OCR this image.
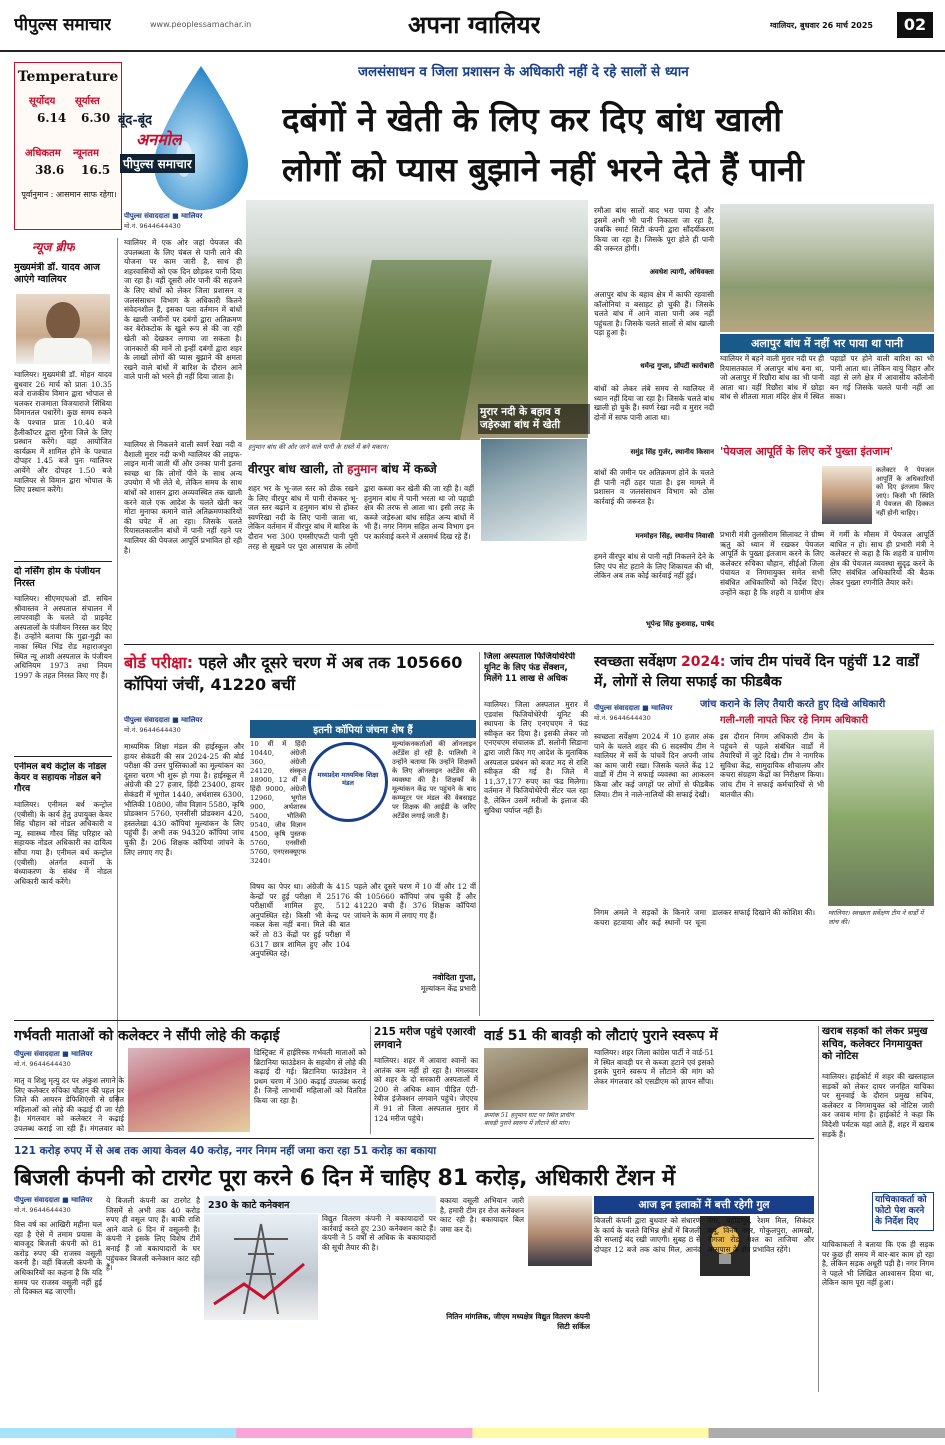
पीपुल्स समाचार	www.peoplessamachar.in	अपना ग्वालियर	ग्वालियर, बुधवार 26 मार्च 2025	02
Temperature
सूर्योदय सूर्यास्त
6.14 6.30
अधिकतम न्यूनतम
38.6 16.5
पूर्वानुमान : आसमान साफ रहेगा।
बूंद-बूंद
अनमोल
पीपुल्स समाचार
जलसंसाधन व जिला प्रशासन के अधिकारी नहीं दे रहे सालों से ध्यान
दबंगों ने खेती के लिए कर दिए बांध खाली
लोगों को प्यास बुझाने नहीं भरने देते हैं पानी
न्यूज ब्रीफ
मुख्यमंत्री डॉ. यादव आज आएंगे ग्वालियर
ग्वालियर। मुख्यमंत्री डॉ. मोहन यादव बुधवार 26 मार्च को प्रातः 10.35 बजे राजकीय विमान द्वारा भोपाल से चलकर राजमाता विजयाराजे सिंधिया विमानतल पधारेंगे। कुछ समय रुकने के पश्चात प्रातः 10.40 बजे हैलीकॉप्टर द्वारा मुरैना जिले के लिए प्रस्थान करेंगे। वहां आयोजित कार्यक्रम में शामिल होने के पश्चात दोपहर 1.45 बजे पुनः ग्वालियर आयेंगे और दोपहर 1.50 बजे ग्वालियर से विमान द्वारा भोपाल के लिए प्रस्थान करेंगे।
दो नर्सिंग होम के पंजीयन निरस्त
ग्वालियर। सीएमएचओ डॉ. सचिन श्रीवास्तव ने अस्पताल संचालन में लापरवाही के चलते दो प्राइवेट अस्पतालों के पंजीयन निरस्त कर दिए हैं। उन्होंने बताया कि गुढ़ा-गुढ़ी का नाका स्थित भिंड रोड महाराजपुरा स्थित न्यू आशी अस्पताल के पंजीयन अधिनियम 1973 तथा नियम 1997 के तहत निरस्त किए गए हैं।
एनीमल बर्थ कंट्रोल के नोडल केयर व सहायक नोडल बने गौरव
ग्वालियर। एनीमल बर्थ कन्ट्रोल (एबीसी) के कार्य हेतु उपायुक्त केयर सिंह चौहान को नोडल अधिकारी व न्यू. स्वास्थ्य गौरव सिंह परिहार को सहायक नोडल अधिकारी का दायित्व सौंपा गया है। एनीमल बर्थ कन्ट्रोल (एबीसी) अंतर्गत श्वानों के बंध्याकरण के संबंध में नोडल अधिकारी कार्य करेंगे।
हनुमान बांध की ओर जाने वाले पानी के रास्ते में बने मकान।
मुरार नदी के बहाव व जड़ेरुआ बांध में खेती
पीपुल्स संवाददाता ■ ग्वालियर
मो.नं. 9644644430
ग्वालियर में एक ओर जहां पेयजल की उपलब्धता के लिए चंबल से पानी लाने की योजना पर काम जारी है, साथ ही शहरवासियों को एक दिन छोड़कर पानी दिया जा रहा है। वहीं दूसरी ओर पानी की सहजने के लिए बांधों को लेकर जिला प्रशासन व जलसंसाधन विभाग के अधिकारी कितने संवेदनशील हैं, इसका पता वर्तमान में बांधों के खाली जमीनों पर दबंगों द्वारा अतिक्रमण कर बेरोकटोक के खुले रूप से की जा रही खेती को देखकर लगाया जा सकता है। जानकारों की मानें तो इन्हीं दबंगों द्वारा शहर के लाखों लोगों की प्यास बुझाने की क्षमता रखने वाले बांधों में बारिश के दौरान आने वाले पानी को भरने ही नहीं दिया जाता है।
ग्वालियर से निकलने वाली स्वर्ण रेखा नदी व वैशाली मुरार नदी कभी ग्वालियर की लाइफ-लाइन मानी जाती थीं और उनका पानी इतना स्वच्छ था कि लोगों पीने के साथ अन्य उपयोग में भी लेते थे, लेकिन समय के साथ बांधों को शासन द्वारा अव्यवस्थित तक खाली करने वाले एक आदेश के चलते खेती कर मोटा मुनाफा कमाने वाले अतिक्रमणकारियों की चपेट में आ रहा। जिसके चलते रियासतकालीन बांधों में पानी नहीं रहने पर ग्वालियर की पेयजल आपूर्ति प्रभावित हो रही है।
वीरपुर बांध खाली, तो हनुमान बांध में कब्जे
शहर भर के भू-जल स्तर को ठीक रखने के लिए वीरपुर बांध में पानी रोककर भू-जल स्तर बढ़ाने व हनुमान बांध से होकर स्वर्णरेखा नदी के लिए पानी जाता था, लेकिन वर्तमान में वीरपुर बांध में बारिश के दौरान भरा 300 एमसीएफटी पानी पूरी तरह से सूखने पर पूरा आसपास के लोगों द्वारा कब्जा कर खेती की जा रही है। वहीं हनुमान बांध में पानी भरता था जो पहाड़ी क्षेत्र की तरफ से आता था। इसी तरह के कब्जे जड़ेरुआ बांध सहित अन्य बांधों में भी हैं। नगर निगम सहित अन्य विभाग इन पर कार्रवाई करने में असमर्थ दिख रहे हैं।
रमौआ बांध सालों बाद भरा पाया है और इसमें अभी भी पानी निकाला जा रहा है, जबकि स्मार्ट सिटी कंपनी द्वारा सौंदर्यीकरण किया जा रहा है। जिसके पूरा होते ही पानी की जरूरत होगी।
अवधेश त्यागी, अधिवक्ता
अलापुर बांध के बहाव क्षेत्र में काफी रहवासी कॉलोनियां व बसाहट हो चुकी हैं। जिसके चलते बांध में आने वाला पानी अब नहीं पहुंचता है। जिसके चलते सालों से बांध खाली पड़ा हुआ है।
धर्मेन्द्र गुप्ता, प्रॉपर्टी कारोबारी
बांधों को लेकर लंबे समय से ग्वालियर में ध्यान नहीं दिया जा रहा है। जिसके चलते बांध खाली हो चुके हैं। स्वर्ण रेखा नदी व मुरार नदी दोनों में साफ पानी आता था।
समुंद्र सिंह गुर्जर, स्थानीय किसान
बांधों की जमीन पर अतिक्रमण होने के चलते ही पानी नहीं ठहर पाता है। इस मामले में प्रशासन व जलसंसाधन विभाग को ठोस कार्रवाई की जरूरत है।
मनमोहन सिंह, स्थानीय निवासी
हमने वीरपुर बांध से पानी नहीं निकलने देने के लिए पंप सेट हटाने के लिए शिकायत की थी, लेकिन अब तक कोई कार्रवाई नहीं हुई।
भूपेन्द्र सिंह कुशवाह, पार्षद
अलापुर बांध में नहीं भर पाया था पानी
ग्वालियर में बहने वाली मुरार नदी पर ही रियासतकाल में अलापुर बांध बना था, जो अलापुर में रिछौरा बांध का भी पानी आता था। वहीं रिछौरा बांध में छोड़ा बांध से शीतला माता मंदिर क्षेत्र में स्थित पहाड़ों पर होने वाली बारिश का भी पानी आता था। लेकिन वायु विहार और वहां से लगे क्षेत्र में आवासीय कॉलोनी बन गई जिसके चलते पानी नहीं आ सका।
'पेयजल आपूर्ति के लिए करें पुख्ता इंतजाम'
कलेक्टर ने पेयजल आपूर्ति के अधिकारियों को दिए इंतजाम किए जाएं। किसी भी स्थिति में पेयजल की दिक्कत नहीं होनी चाहिए।
प्रभारी मंत्री तुलसीराम सिलावट ने ग्रीष्म ऋतु को ध्यान में रखकर पेयजल आपूर्ति के पुख्ता इंतजाम करने के लिए कलेक्टर रुचिका चौहान, सीईओ जिला पंचायत व निगमायुक्त समेत सभी संबंधित अधिकारियों को निर्देश दिए। उन्होंने कहा है कि शहरी व ग्रामीण क्षेत्र में गर्मी के मौसम में पेयजल आपूर्ति बाधित न हो। साथ ही प्रभारी मंत्री ने कलेक्टर से कहा है कि शहरी व ग्रामीण क्षेत्र की पेयजल व्यवस्था सुदृढ़ करने के लिए संबंधित अधिकारियों की बैठक लेकर पुख्ता रणनीति तैयार करें।
बोर्ड परीक्षा: पहले और दूसरे चरण में अब तक 105660 कॉपियां जंचीं, 41220 बचीं
पीपुल्स संवाददाता ■ ग्वालियर
मो.नं. 9644644430	इतनी कॉपियां जंचना शेष हैं
माध्यमिक शिक्षा मंडल की हाईस्कूल और हायर सेकंडरी की सत्र 2024-25 की बोर्ड परीक्षा की उत्तर पुस्तिकाओं का मूल्यांकन का दूसरा चरण भी शुरू हो गया है। हाईस्कूल में अंग्रेजी की 27 हजार, हिंदी 23400, हायर सेकंडरी में भूगोल 1440, अर्थशास्त्र 6300, भौतिकी 10800, जीव विज्ञान 5580, कृषि प्रोडक्शन 5760, एनसीसी प्रोडक्शन 420, हस्तलेखा 430 कॉपियां मूल्यांकन के लिए पहुंची हैं। अभी तक 94320 कॉपियां जांच चुकी हैं। 206 शिक्षक कॉपियां जांचने के लिए लगाए गए हैं।
10 वीं में हिंदी 10440, अंग्रेजी 360, अंग्रेजी 24120, संस्कृत 18900, 12 वीं में हिंदी 9000, अंग्रेजी 12960, भूगोल 900, अर्थशास्त्र 5400, भौतिकी 9540, जीव विज्ञान 4500, कृषि पुस्तक 5760, एनसीसी 5760, एनएसक्यूएफ 3240।
मध्यप्रदेश माध्यमिक शिक्षा मंडल
मूल्यांकनकर्ताओं की ऑनलाइन अटेंडेंस हो रही है: पालिसी ने उन्होंने बताया कि उन्होंने शिक्षकों के लिए ऑनलाइन अटेंडेंस की व्यवस्था की है। शिक्षकों के मूल्यांकन केंद्र पर पहुंचने के बाद कम्प्यूटर पर मंडल की वेबसाइट पर शिक्षक की आईडी के जरिए अटेंडेंस लगाई जाती है।
विषय का पेपर था। अंग्रेजी के 415 केन्द्रों पर हुई परीक्षा में 25176 परीक्षार्थी शामिल हुए, 512 अनुपस्थित रहे। किसी भी केन्द्र पर नकल केस नहीं बना। मिले की बात करें तो 83 केंद्रों पर हुई परीक्षा में 6317 छात्र शामिल हुए और 104 अनुपस्थित रहे।
पहले और दूसरे चरण में 10 वीं और 12 वीं की 105660 कॉपियां जंच चुकी हैं और 41220 बची हैं। 376 शिक्षक कॉपियां जांचने के काम में लगाए गए हैं।
नवोदिता गुप्ता,
मूल्यांकन केंद्र प्रभारी
जिला अस्पताल फिजियोथेरेपी यूनिट के लिए फंड सेंक्शन, मिलेंगे 11 लाख से अधिक
ग्वालियर। जिला अस्पताल मुरार में एडवांस फिजियोथेरेपी यूनिट की स्थापना के लिए एनएचएम ने फंड स्वीकृत कर दिया है। इसकी लेकर जो एनएचएम संचालक डॉ. सलोनी सिडाना द्वारा जारी किए गए आदेश के मुताबिक अस्पताल प्रबंधन को बजट मद से राशि स्वीकृत की गई है। जिले में 11,37,177 रुपए का फंड मिलेगा। वर्तमान में फिजियोथेरेपी सेंटर चल रहा है, लेकिन उसमें मरीजों के इलाज की सुविधा पर्याप्त नहीं हैं।
स्वच्छता सर्वेक्षण 2024: जांच टीम पांचवें दिन पहुंचीं 12 वार्डों में, लोगों से लिया सफाई का फीडबैक
जांच कराने के लिए तैयारी करते हुए दिखे अधिकारी
गली-गली नापते फिर रहे निगम अधिकारी
पीपुल्स संवाददाता ■ ग्वालियर
मो.नं. 9644644430
स्वच्छता सर्वेक्षण 2024 में 10 हजार अंक पाने के चलते शहर की 6 सदस्यीय टीम ने ग्वालियर में सर्वे के पांचवें दिन अपनी जांच का काम जारी रखा। जिसके चलते केंद्र 12 वार्डों में टीम ने सफाई व्यवस्था का आकलन किया और कई जगहों पर लोगों से फीडबैक लिया। टीम ने नाले-नालियों की सफाई देखी।
इस दौरान निगम अधिकारी टीम के पहुंचने से पहले संबंधित वार्डों में तैयारियों में जुटे दिखे। टीम ने नागरिक सुविधा केंद्र, सामुदायिक शौचालय और कचरा संग्रहण केंद्रों का निरीक्षण किया। जांच टीम ने सफाई कर्मचारियों से भी बातचीत की।
ग्वालियर। स्वच्छता सर्वेक्षण टीम ने वार्डों में जांच की।
निगम अमले ने सड़कों के किनारे जमा कचरा हटवाया और कई स्थानों पर चूना डालकर सफाई दिखाने की कोशिश की।
गर्भवती माताओं को कलेक्टर ने सौंपी लोहे की कढ़ाई
पीपुल्स संवाददाता ■ ग्वालियर
मो.नं. 9644644430
मातृ व शिशु मृत्यु दर पर अंकुश लगाने के लिए कलेक्टर रुचिका चौहान की पहल पर जिले की आयरन डेफिशिएंसी से ग्रसित महिलाओं को लोहे की कढ़ाई दी जा रही है। मंगलवार को कलेक्टर ने कढ़ाई उपलब्ध कराई जा रही हैं। मंगलवार को
डिस्ट्रिक्ट में हाईरिस्क गर्भवती माताओं को ब्रिटानिया फाउंडेशन के सहयोग से लोहे की कढ़ाई दी गई। ब्रिटानिया फाउंडेशन ने प्रथम चरण में 300 कढ़ाई उपलब्ध कराई हैं। जिन्हें लाभार्थी महिलाओं को वितरित किया जा रहा है।
215 मरीज पहुंचे एआरवी लगवाने
ग्वालियर। शहर में आवारा श्वानों का आतंक कम नहीं हो रहा है। मंगलवार को शहर के दो सरकारी अस्पतालों में 200 से अधिक श्वान पीड़ित एंटी-रेबीज इंजेक्शन लगवाने पहुंचे। जेएएच में 91 तो जिला अस्पताल मुरार में 124 मरीज पहुंचे।
वार्ड 51 की बावड़ी को लौटाएं पुराने स्वरूप में
क्रमांक 51 हनुमान घाट पर स्थित प्राचीन बावड़ी पुराने स्वरूप में लौटाने की मांग।
ग्वालियर। शहर जिला कांग्रेस पार्टी ने वार्ड-51 में स्थित बावड़ी पर से कब्जा हटाने एवं इसको इसके पुराने स्वरूप में लौटाने की मांग को लेकर मंगलवार को एसडीएम को ज्ञापन सौंपा।
खराब सड़कों को लेकर प्रमुख सचिव, कलेक्टर निगमायुक्त को नोटिस
ग्वालियर। हाईकोर्ट में शहर की खस्ताहाल सड़कों को लेकर दायर जनहित याचिका पर सुनवाई के दौरान प्रमुख सचिव, कलेक्टर व निगमायुक्त को नोटिस जारी कर जवाब मांगा है। हाईकोर्ट ने कहा कि विदेशी पर्यटक यहां आते हैं, शहर में खराब सड़कें हैं।
याचिकाकर्ता ने बताया कि एक ही सड़क पर कुछ ही समय में बार-बार काम हो रहा है, लेकिन सड़क अधूरी पड़ी है। नगर निगम ने पहले भी लिखित आश्वासन दिया था, लेकिन काम पूरा नहीं हुआ।
याचिकाकर्ता को फोटो पेश करने के निर्देश दिए
121 करोड़ रुपए में से अब तक आया केवल 40 करोड़, नगर निगम नहीं जमा करा रहा 51 करोड़ का बकाया
बिजली कंपनी को टारगेट पूरा करने 6 दिन में चाहिए 81 करोड़, अधिकारी टेंशन में
पीपुल्स संवाददाता ■ ग्वालियर
मो.नं. 9644644430
वित्त वर्ष का आखिरी महीना चल रहा है ऐसे में तमाम प्रयास के बावजूद बिजली कंपनी को 81 करोड़ रुपए की राजस्व वसूली करनी है। वहीं बिजली कंपनी के अधिकारियों का कहना है कि यदि समय पर राजस्व वसूली नहीं हुई तो दिक्कत बढ़ जाएगी।
ये बिजली कंपनी का टारगेट है जिसमें से अभी तक 40 करोड़ रुपए ही वसूल पाए हैं। बाकी राशि आने वाले 6 दिन में वसूलनी है। कंपनी ने इसके लिए विशेष टीमें बनाई हैं जो बकायादारों के घर पहुंचकर बिजली कनेक्शन काट रही हैं।
230 के काटे कनेक्शन
विद्युत वितरण कंपनी ने बकायादारों पर कार्रवाई करते हुए 230 कनेक्शन काटे हैं। कंपनी ने 5 वर्षों से अधिक के बकायादारों की सूची तैयार की है।
बकाया वसूली अभियान जारी है, हमारी टीम हर रोज कनेक्शन काट रही है। बकायादार बिल जमा कर दें।
नितिन मांगलिक, जीएम मध्यक्षेत्र विद्युत वितरण कंपनी सिटी सर्किल
आज इन इलाकों में बत्ती रहेगी गुल
बिजली कंपनी द्वारा बुधवार को संधारण के कार्य के चलते विभिन्न क्षेत्रों में बिजली की सप्लाई बंद रखी जाएगी। सुबह 8 से दोपहर 12 बजे तक कांच मिल, आनंद नगर, बहोड़ापुर, रेशम मिल, सिकंदर कंपू, विनय नगर, गोकुलपुरा, आमखो, नौगजा रोड, गश्त का ताजिया और आसपास के क्षेत्र प्रभावित रहेंगे।
